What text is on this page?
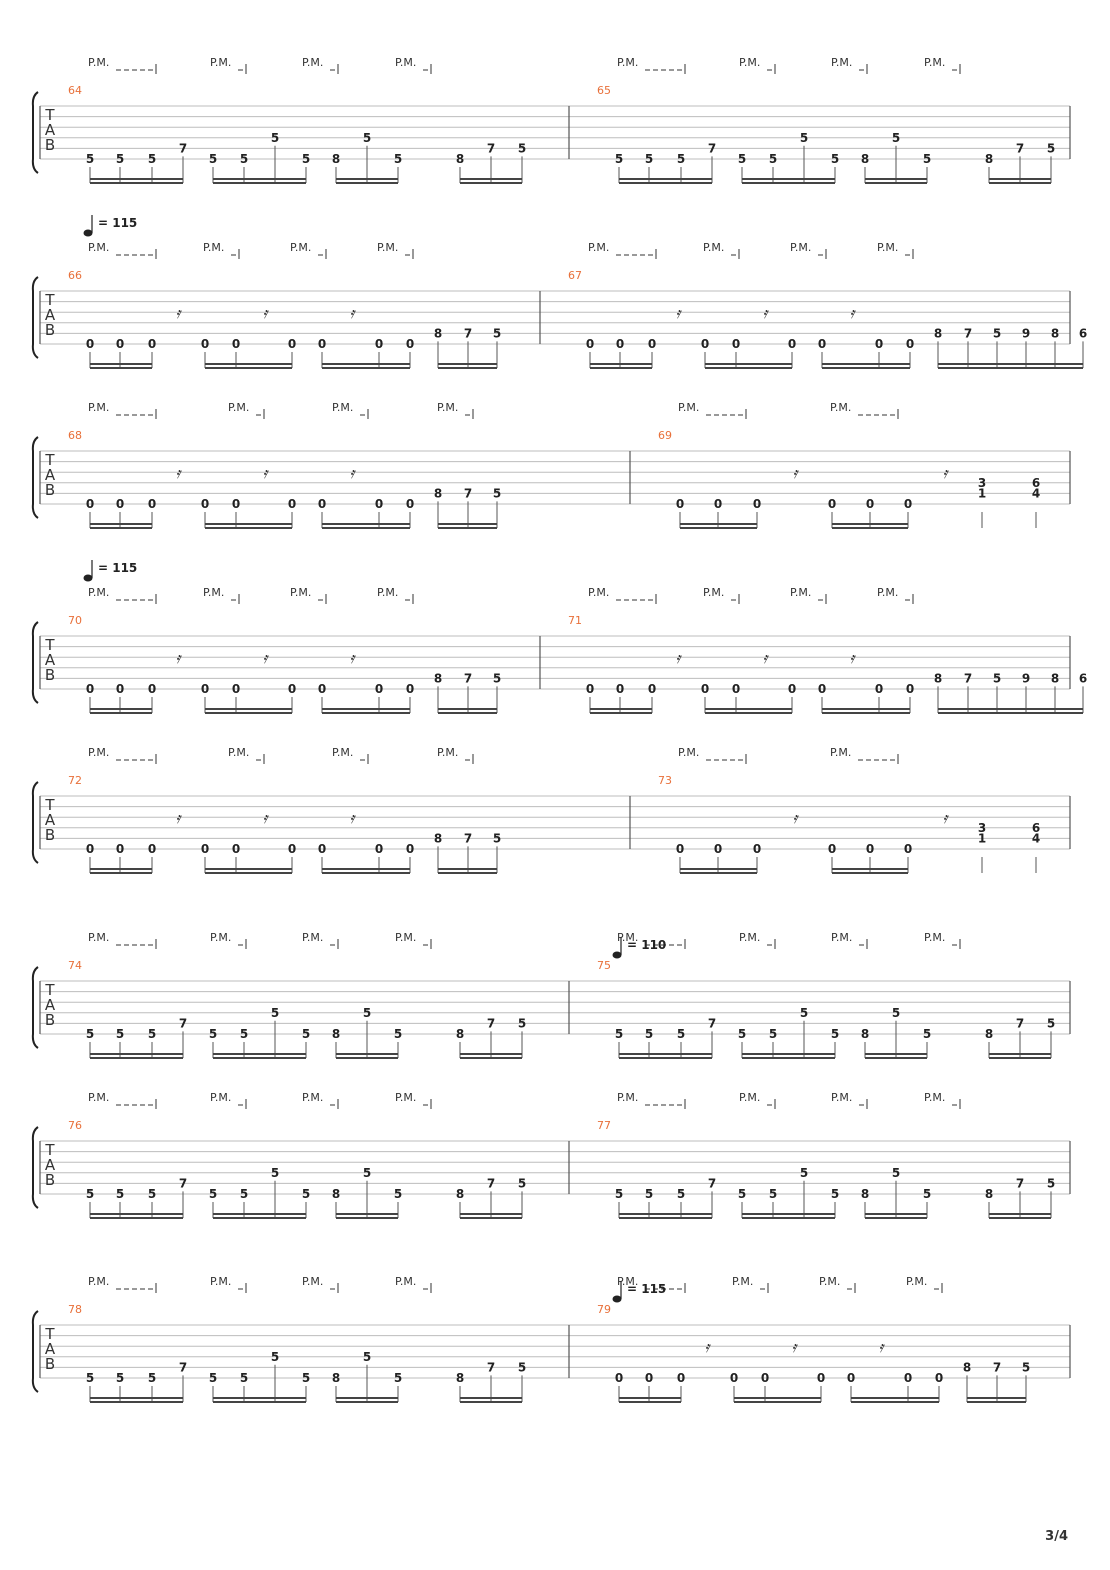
T
A
B
64
5 5 5
7
5 5
5
5 8
5
5	8
7 5
P.M.	P.M.	P.M.	P.M.
65
5 5 5
7
5 5
5
5 8
5
5	8
7 5
P.M.	P.M.	P.M.	P.M.
T
A
B
66
0 0 0	0 0	0 0	0 0
8 7 5
𝄿	𝄿	𝄿
P.M.	P.M.	P.M.	P.M.
= 115
67
0 0 0	0 0	0 0	0 0
8 7 5 9 8 6
𝄿	𝄿	𝄿
P.M.	P.M.	P.M.	P.M.
T
A
B
68
0 0 0	0 0	0 0	0 0
8 7 5
𝄿	𝄿	𝄿
P.M.	P.M.	P.M.	P.M.
69
0 0	0	0 0 0
3
1
6
4
𝄿	𝄿
P.M.	P.M.
T
A
B
70
0 0 0	0 0	0 0	0 0
8 7 5
𝄿	𝄿	𝄿
P.M.	P.M.	P.M.	P.M.
= 115
71
0 0 0	0 0	0 0	0 0
8 7 5 9 8 6
𝄿	𝄿	𝄿
P.M.	P.M.	P.M.	P.M.
T
A
B
72
0 0 0	0 0	0 0	0 0
8 7 5
𝄿	𝄿	𝄿
P.M.	P.M.	P.M.	P.M.
73
0 0	0	0 0 0
3
1
6
4
𝄿	𝄿
P.M.	P.M.
T
A
B
74
5 5 5
7
5 5
5
5 8
5
5	8
7 5
P.M.	P.M.	P.M.	P.M.
75
5 5 5
7
5 5
5
5 8
5
5	8
7 5
P.M.	P.M.	P.M.	P.M.
= 110
T
A
B
76
5 5 5
7
5 5
5
5 8
5
5	8
7 5
P.M.	P.M.	P.M.	P.M.
77
5 5 5
7
5 5
5
5 8
5
5	8
7 5
P.M.	P.M.	P.M.	P.M.
T
A
B
78
5 5 5
7
5 5
5
5 8
5
5	8
7 5
P.M.	P.M.	P.M.	P.M.
79
0 0 0	0 0	0 0	0 0
8 7 5
𝄿	𝄿	𝄿
P.M.	P.M.	P.M.	P.M.
= 115
3/4
